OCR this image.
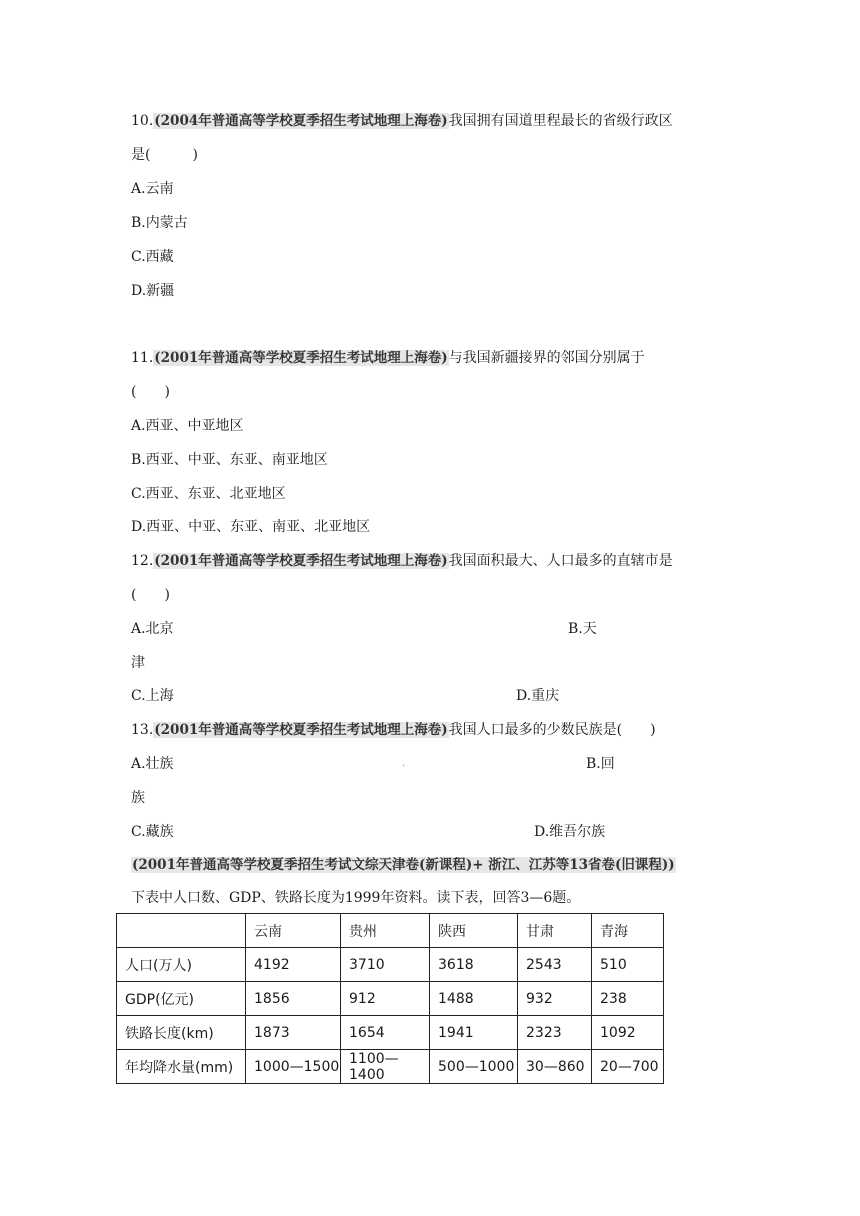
10.(2004年普通高等学校夏季招生考试地理上海卷)我国拥有国道里程最长的省级行政区
是(　　　)
A.云南
B.内蒙古
C.西藏
D.新疆
11.(2001年普通高等学校夏季招生考试地理上海卷)与我国新疆接界的邻国分别属于
(　　)
A.西亚、中亚地区
B.西亚、中亚、东亚、南亚地区
C.西亚、东亚、北亚地区
D.西亚、中亚、东亚、南亚、北亚地区
12.(2001年普通高等学校夏季招生考试地理上海卷)我国面积最大、人口最多的直辖市是
(　　)
A.北京	B.天
津
C.上海	D.重庆
13.(2001年普通高等学校夏季招生考试地理上海卷)我国人口最多的少数民族是(　　)
A.壮族	.	B.回
族
C.藏族	D.维吾尔族
(2001年普通高等学校夏季招生考试文综天津卷(新课程)+ 浙江、江苏等13省卷(旧课程))
下表中人口数、GDP、铁路长度为1999年资料。读下表，回答3—6题。
	云南	贵州	陕西	甘肃	青海
人口(万人)	4192	3710	3618	2543	510
GDP(亿元)	1856	912	1488	932	238
铁路长度(km)	1873	1654	1941	2323	1092
年均降水量(mm)	1000—1500	1100—1400	500—1000	30—860	20—700
